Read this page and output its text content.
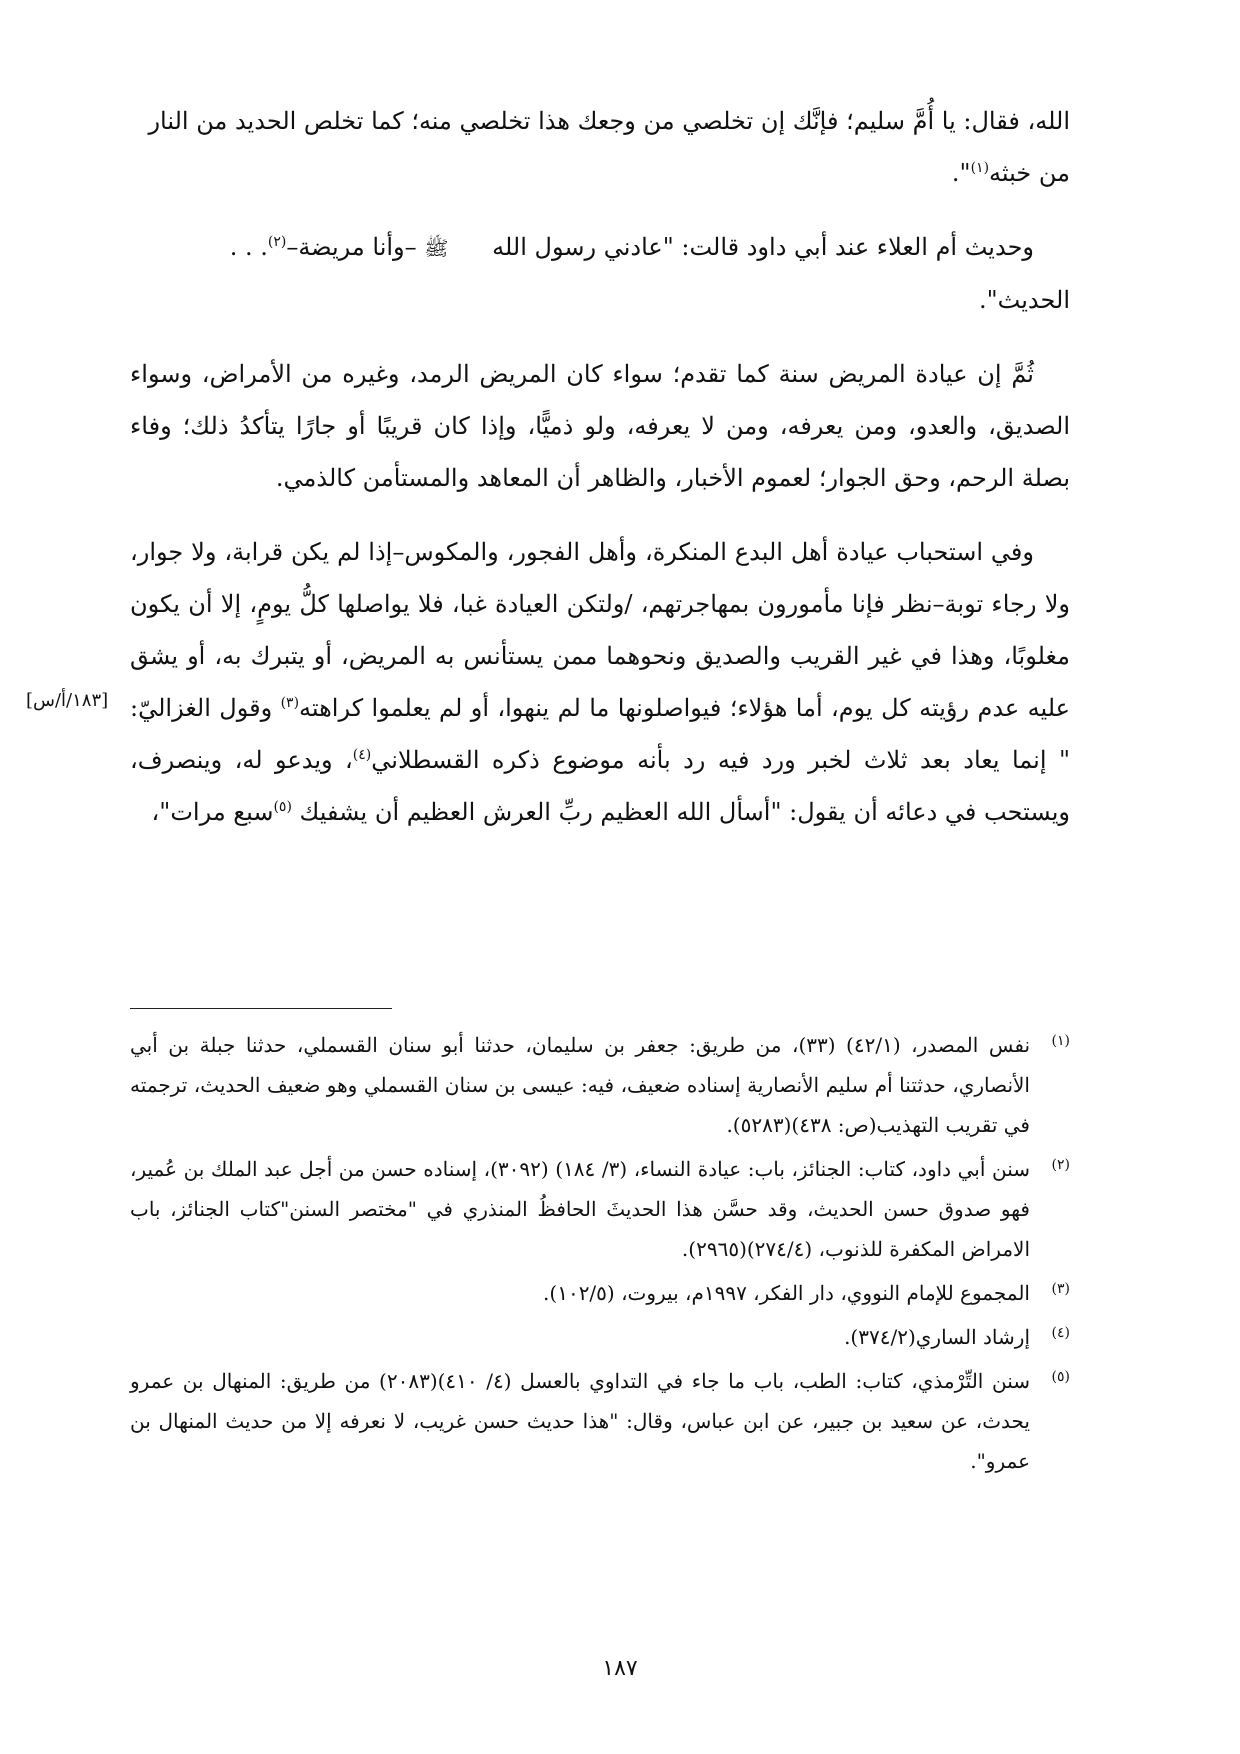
الله، فقال: يا أُمَّ سليم؛ فإنَّك إن تخلصي من وجعك هذا تخلصي منه؛ كما تخلص الحديد من النار
من خبثه$^{(١)}$".

وحديث أم العلاء عند أبي داود قالت: "عادني رسول الله ﷺ –وأنا مريضة–$^{(٢)}$. . .
الحديث".

ثُمَّ إن عيادة المريض سنة كما تقدم؛ سواء كان المريض الرمد، وغيره من الأمراض، وسواء الصديق، والعدو، ومن يعرفه، ومن لا يعرفه، ولو ذميًّا، وإذا كان قريبًا أو جارًا يتأكدُ ذلك؛ وفاء بصلة الرحم، وحق الجوار؛ لعموم الأخبار، والظاهر أن المعاهد والمستأمن كالذمي.

وفي استحباب عيادة أهل البدع المنكرة، وأهل الفجور، والمكوس–إذا لم يكن قرابة، ولا جوار، ولا رجاء توبة–نظر فإنا مأمورون بمهاجرتهم، /ولتكن العيادة غبا، فلا يواصلها كلُّ يومٍ، إلا أن يكون مغلوبًا، وهذا في غير القريب والصديق ونحوهما ممن يستأنس به المريض، أو يتبرك به، أو يشق عليه عدم رؤيته كل يوم، أما هؤلاء؛ فيواصلونها ما لم ينهوا، أو لم يعلموا كراهته$^{(٣)}$ وقول الغزاليّ: " إنما يعاد بعد ثلاث لخبر ورد فيه رد بأنه موضوع ذكره القسطلاني$^{(٤)}$، ويدعو له، وينصرف، ويستحب في دعائه أن يقول: "أسأل الله العظيم ربِّ العرش العظيم أن يشفيك $^{(٥)}$سبع مرات"،

[١٨٣/أ/س]

(١)
نفس المصدر، (٤٢/١) (٣٣)، من طريق: جعفر بن سليمان، حدثنا أبو سنان القسملي، حدثنا جبلة بن أبي الأنصاري، حدثتنا أم سليم الأنصارية إسناده ضعيف، فيه: عيسى بن سنان القسملي وهو ضعيف الحديث، ترجمته في تقريب التهذيب(ص: ٤٣٨)(٥٢٨٣).

(٢)
سنن أبي داود، كتاب: الجنائز، باب: عيادة النساء، (٣/ ١٨٤) (٣٠٩٢)، إسناده حسن من أجل عبد الملك بن عُمير، فهو صدوق حسن الحديث، وقد حسَّن هذا الحديثَ الحافظُ المنذري في "مختصر السنن"كتاب الجنائز، باب الامراض المكفرة للذنوب، (٢٧٤/٤)(٢٩٦٥).

(٣)
المجموع للإمام النووي، دار الفكر، ١٩٩٧م، بيروت، (١٠٢/٥).

(٤)
إرشاد الساري(٣٧٤/٢).

(٥)
سنن التِّرْمذي، كتاب: الطب، باب ما جاء في التداوي بالعسل (٤/ ٤١٠)(٢٠٨٣) من طريق: المنهال بن عمرو يحدث، عن سعيد بن جبير، عن ابن عباس، وقال: "هذا حديث حسن غريب، لا نعرفه إلا من حديث المنهال بن عمرو".

١٨٧
